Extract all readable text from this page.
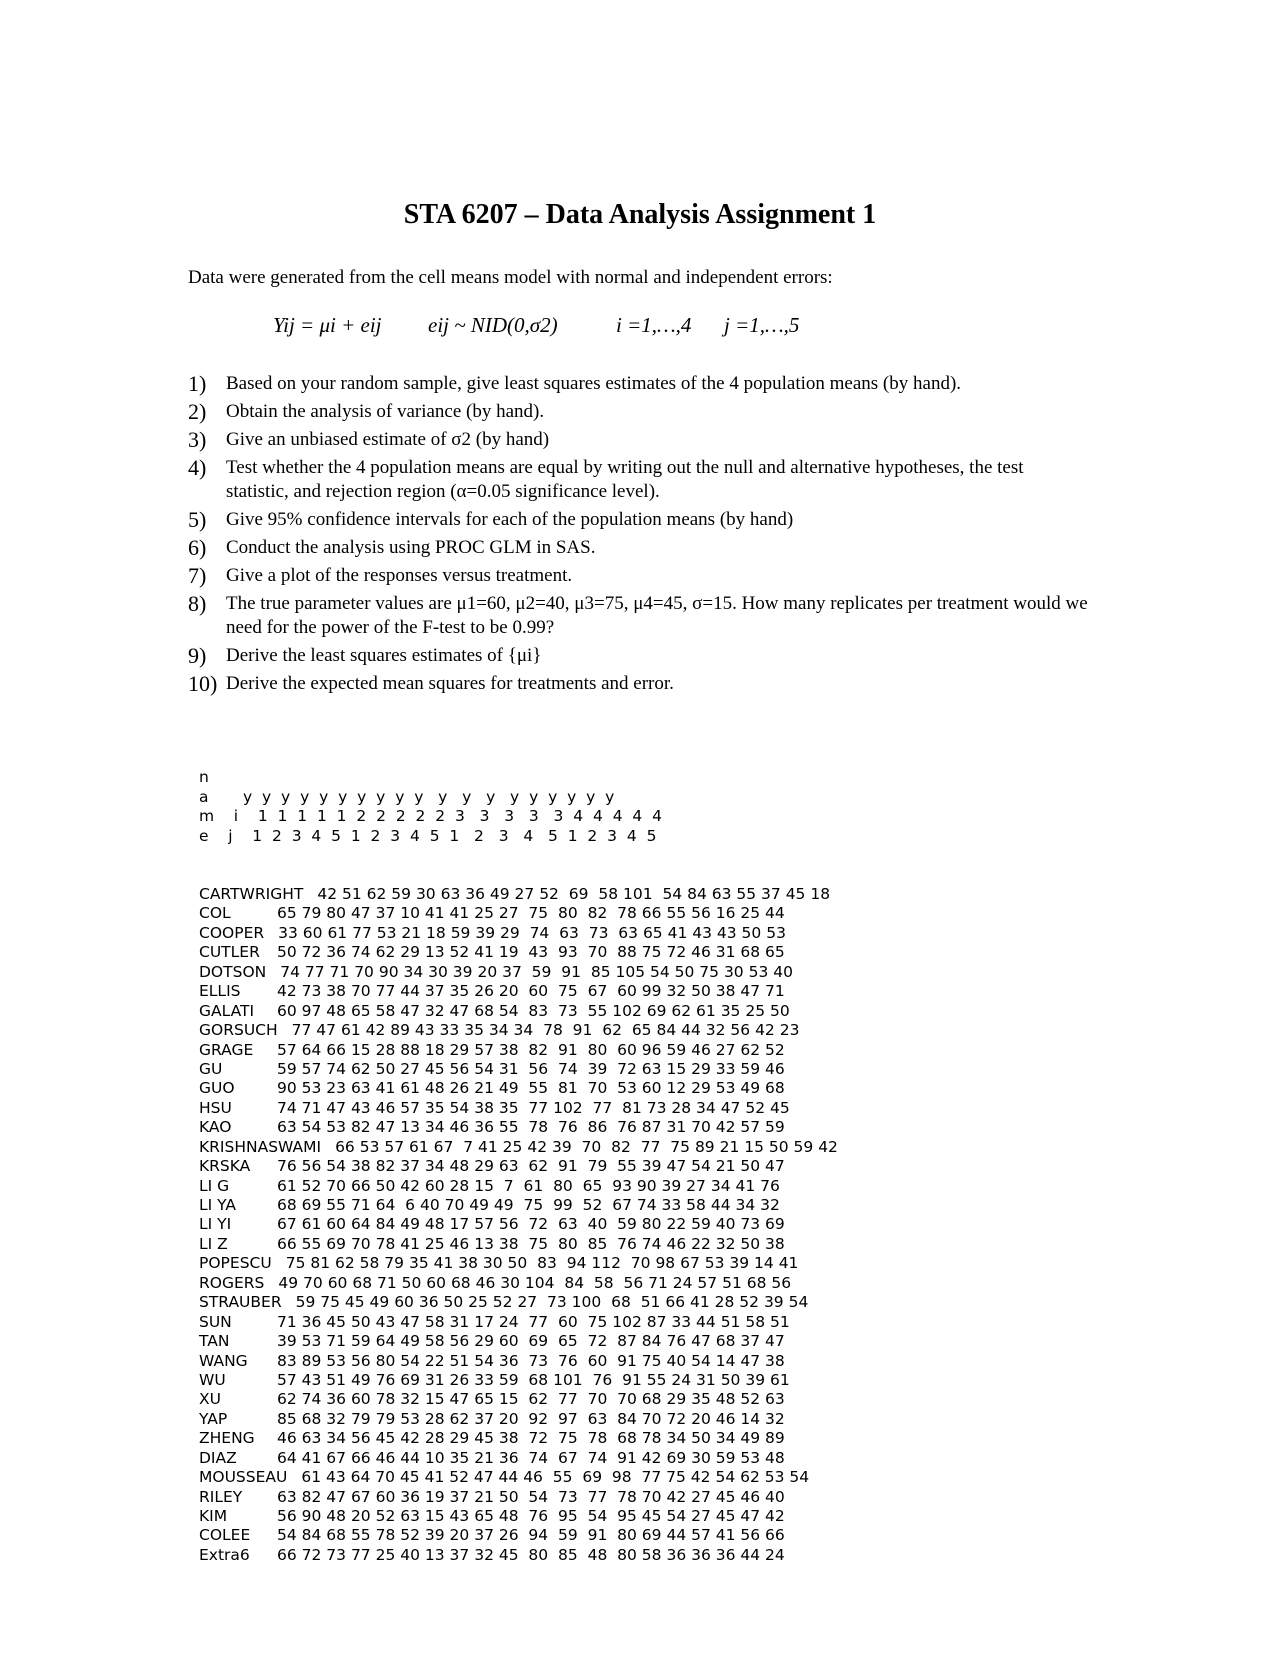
STA 6207 – Data Analysis Assignment 1
Data were generated from the cell means model with normal and independent errors:
Yij = μi + eij eij ~ NID(0,σ2)	i =1,…,4 j =1,…,5
1) Based on your random sample, give least squares estimates of the 4 population means (by hand).
2) Obtain the analysis of variance (by hand).
3) Give an unbiased estimate of σ2 (by hand)
4) Test whether the 4 population means are equal by writing out the null and alternative hypotheses, the test statistic, and rejection region (α=0.05 significance level).
5) Give 95% confidence intervals for each of the population means (by hand)
6) Conduct the analysis using PROC GLM in SAS.
7) Give a plot of the responses versus treatment.
8) The true parameter values are μ1=60, μ2=40, μ3=75, μ4=45, σ=15. How many replicates per treatment would we need for the power of the F-test to be 0.99?
9) Derive the least squares estimates of {μi}
10) Derive the expected mean squares for treatments and error.

n
a       y  y  y  y  y  y  y  y  y  y   y   y   y   y  y  y  y  y  y
m    i    1  1  1  1  1  2  2  2  2  2  3   3   3   3   3  4  4  4  4  4
e    j    1  2  3  4  5  1  2  3  4  5  1   2   3   4   5  1  2  3  4  5

CARTWRIGHT 42 51 62 59 30 63 36 49 27 52  69  58 101  54 84 63 55 37 45 18
COL	65 79 80 47 37 10 41 41 25 27  75  80  82  78 66 55 56 16 25 44
COOPER 33 60 61 77 53 21 18 59 39 29  74  63  73  63 65 41 43 43 50 53
CUTLER 50 72 36 74 62 29 13 52 41 19  43  93  70  88 75 72 46 31 68 65
DOTSON 74 77 71 70 90 34 30 39 20 37  59  91  85 105 54 50 75 30 53 40
ELLIS 42 73 38 70 77 44 37 35 26 20  60  75  67  60 99 32 50 38 47 71
GALATI 60 97 48 65 58 47 32 47 68 54  83  73  55 102 69 62 61 35 25 50
GORSUCH 77 47 61 42 89 43 33 35 34 34  78  91  62  65 84 44 32 56 42 23
GRAGE 57 64 66 15 28 88 18 29 57 38  82  91  80  60 96 59 46 27 62 52
GU	59 57 74 62 50 27 45 56 54 31  56  74  39  72 63 15 29 33 59 46
GUO	90 53 23 63 41 61 48 26 21 49  55  81  70  53 60 12 29 53 49 68
HSU	74 71 47 43 46 57 35 54 38 35  77 102  77  81 73 28 34 47 52 45
KAO	63 54 53 82 47 13 34 46 36 55  78  76  86  76 87 31 70 42 57 59
KRISHNASWAMI 66 53 57 61 67  7 41 25 42 39  70  82  77  75 89 21 15 50 59 42
KRSKA 76 56 54 38 82 37 34 48 29 63  62  91  79  55 39 47 54 21 50 47
LI G	61 52 70 66 50 42 60 28 15  7  61  80  65  93 90 39 27 34 41 76
LI YA	68 69 55 71 64  6 40 70 49 49  75  99  52  67 74 33 58 44 34 32
LI YI	67 61 60 64 84 49 48 17 57 56  72  63  40  59 80 22 59 40 73 69
LI Z	66 55 69 70 78 41 25 46 13 38  75  80  85  76 74 46 22 32 50 38
POPESCU 75 81 62 58 79 35 41 38 30 50  83  94 112  70 98 67 53 39 14 41
ROGERS 49 70 60 68 71 50 60 68 46 30 104  84  58  56 71 24 57 51 68 56
STRAUBER 59 75 45 49 60 36 50 25 52 27  73 100  68  51 66 41 28 52 39 54
SUN	71 36 45 50 43 47 58 31 17 24  77  60  75 102 87 33 44 51 58 51
TAN	39 53 71 59 64 49 58 56 29 60  69  65  72  87 84 76 47 68 37 47
WANG 83 89 53 56 80 54 22 51 54 36  73  76  60  91 75 40 54 14 47 38
WU	57 43 51 49 76 69 31 26 33 59  68 101  76  91 55 24 31 50 39 61
XU	62 74 36 60 78 32 15 47 65 15  62  77  70  70 68 29 35 48 52 63
YAP	85 68 32 79 79 53 28 62 37 20  92  97  63  84 70 72 20 46 14 32
ZHENG 46 63 34 56 45 42 28 29 45 38  72  75  78  68 78 34 50 34 49 89
DIAZ	64 41 67 66 46 44 10 35 21 36  74  67  74  91 42 69 30 59 53 48
MOUSSEAU 61 43 64 70 45 41 52 47 44 46  55  69  98  77 75 42 54 62 53 54
RILEY 63 82 47 67 60 36 19 37 21 50  54  73  77  78 70 42 27 45 46 40
KIM	56 90 48 20 52 63 15 43 65 48  76  95  54  95 45 54 27 45 47 42
COLEE 54 84 68 55 78 52 39 20 37 26  94  59  91  80 69 44 57 41 56 66
Extra6 66 72 73 77 25 40 13 37 32 45  80  85  48  80 58 36 36 36 44 24
